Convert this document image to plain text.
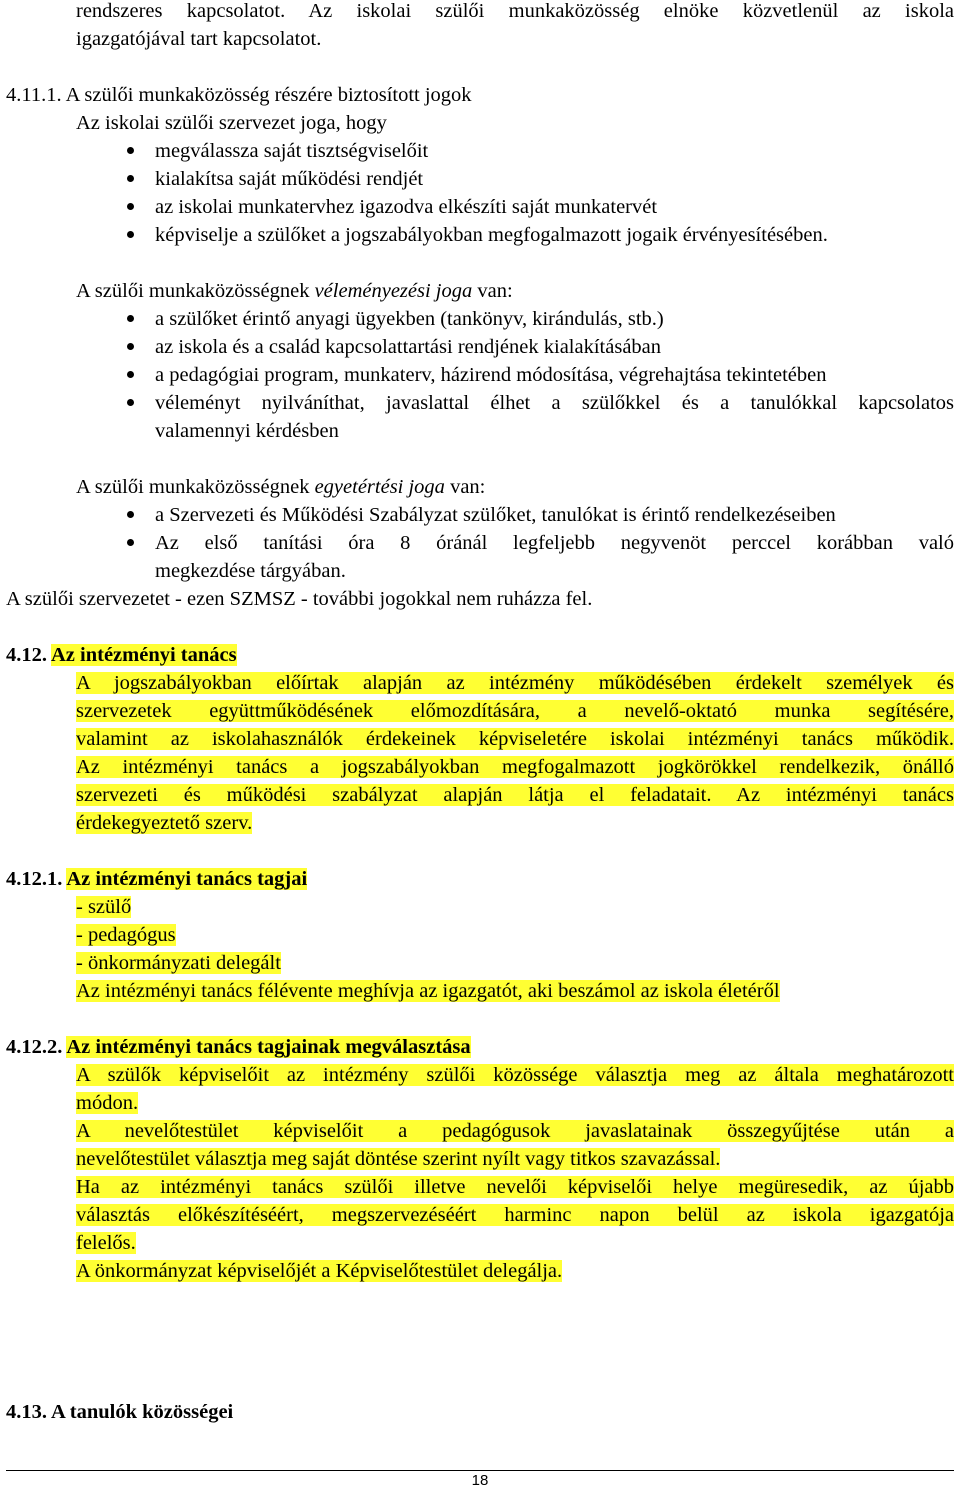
rendszeres kapcsolatot. Az iskolai szülői munkaközösség elnöke közvetlenül az iskola
igazgatójával tart kapcsolatot.
4.11.1. A szülői munkaközösség részére biztosított jogok
Az iskolai szülői szervezet joga, hogy
megválassza saját tisztségviselőit
kialakítsa saját működési rendjét
az iskolai munkatervhez igazodva elkészíti saját munkatervét
képviselje a szülőket a jogszabályokban megfogalmazott jogaik érvényesítésében.
A szülői munkaközösségnek véleményezési joga van:
a szülőket érintő anyagi ügyekben (tankönyv, kirándulás, stb.)
az iskola és a család kapcsolattartási rendjének kialakításában
a pedagógiai program, munkaterv, házirend módosítása, végrehajtása tekintetében
véleményt nyilváníthat, javaslattal élhet a szülőkkel és a tanulókkal kapcsolatos
valamennyi kérdésben
A szülői munkaközösségnek egyetértési joga van:
a Szervezeti és Működési Szabályzat szülőket, tanulókat is érintő rendelkezéseiben
Az első tanítási óra 8 óránál legfeljebb negyvenöt perccel korábban való
megkezdése tárgyában.
A szülői szervezetet - ezen SZMSZ - további jogokkal nem ruházza fel.
4.12. Az intézményi tanács
A jogszabályokban előírtak alapján az intézmény működésében érdekelt személyek és
szervezetek együttműködésének előmozdítására, a nevelő-oktató munka segítésére,
valamint az iskolahasználók érdekeinek képviseletére iskolai intézményi tanács működik.
Az intézményi tanács a jogszabályokban megfogalmazott jogkörökkel rendelkezik, önálló
szervezeti és működési szabályzat alapján látja el feladatait. Az intézményi tanács
érdekegyeztető szerv.
4.12.1. Az intézményi tanács tagjai
- szülő
- pedagógus
- önkormányzati delegált
Az intézményi tanács félévente meghívja az igazgatót, aki beszámol az iskola életéről
4.12.2. Az intézményi tanács tagjainak megválasztása
A szülők képviselőit az intézmény szülői közössége választja meg az általa meghatározott
módon.
A nevelőtestület képviselőit a pedagógusok javaslatainak összegyűjtése után a
nevelőtestület választja meg saját döntése szerint nyílt vagy titkos szavazással.
Ha az intézményi tanács szülői illetve nevelői képviselői helye megüresedik, az újabb
választás előkészítéséért, megszervezéséért harminc napon belül az iskola igazgatója
felelős.
A önkormányzat képviselőjét a Képviselőtestület delegálja.
4.13. A tanulók közösségei
18
